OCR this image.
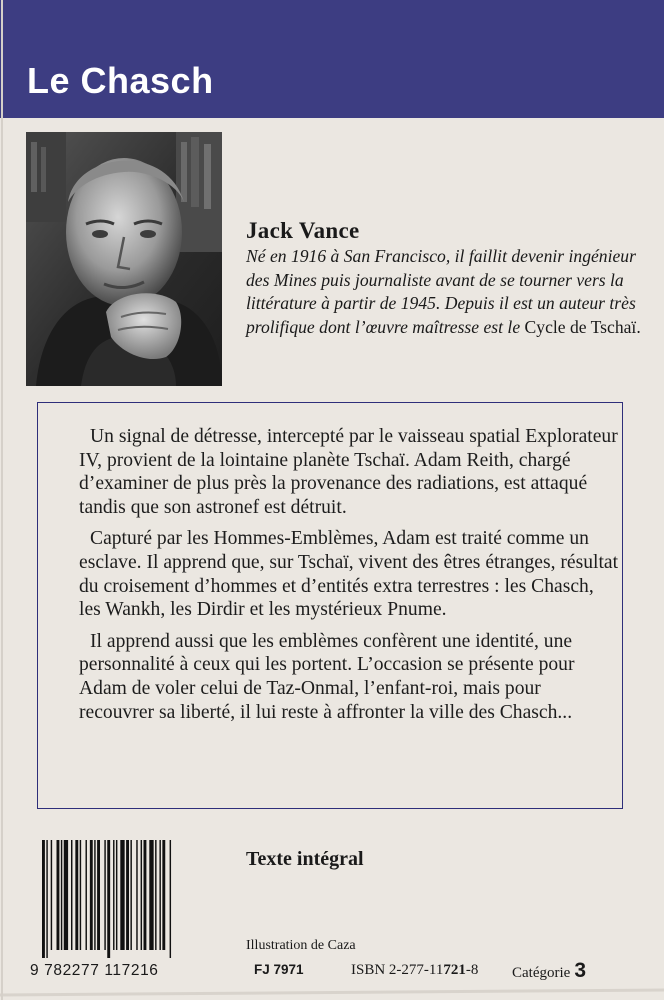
Le Chasch
Jack Vance
Né en 1916 à San Francisco, il faillit devenir ingénieur des Mines puis journaliste avant de se tourner vers la littérature à partir de 1945. Depuis il est un auteur très prolifique dont l’œuvre maîtresse est le Cycle de Tschaï.

Un signal de détresse, intercepté par le vaisseau spatial Explorateur IV, provient de la lointaine planète Tschaï. Adam Reith, chargé d’examiner de plus près la provenance des radiations, est attaqué tandis que son astronef est détruit.

Capturé par les Hommes-Emblèmes, Adam est traité comme un esclave. Il apprend que, sur Tschaï, vivent des êtres étranges, résultat du croisement d’hommes et d’entités extra terrestres : les Chasch, les Wankh, les Dirdir et les mystérieux Pnume.

Il apprend aussi que les emblèmes confèrent une identité, une personnalité à ceux qui les portent. L’occasion se présente pour Adam de voler celui de Taz-Onmal, l’enfant-roi, mais pour recouvrer sa liberté, il lui reste à affronter la ville des Chasch...

9 782277 117216
Texte intégral
Illustration de Caza
FJ 7971	ISBN 2-277-11721-8 Catégorie 3
